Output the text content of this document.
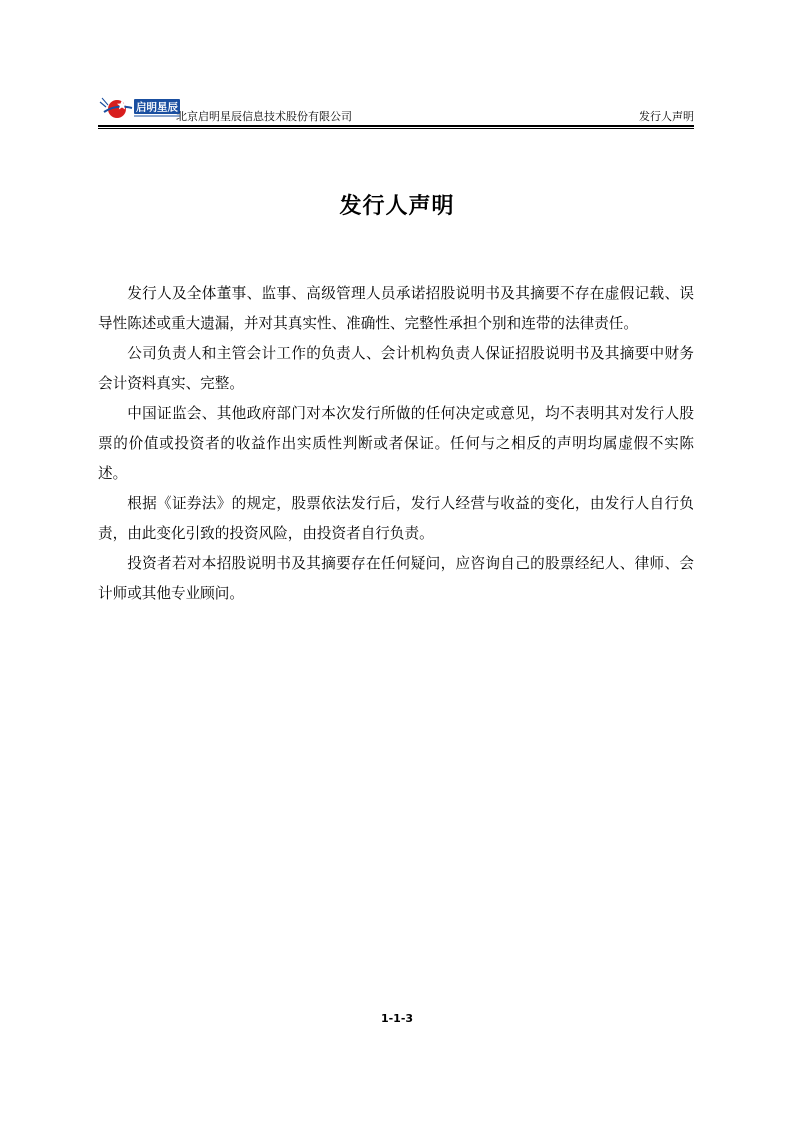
启明星辰
北京启明星辰信息技术股份有限公司	发行人声明
发行人声明

发行人及全体董事、监事、高级管理人员承诺招股说明书及其摘要不存在虚假记载、误导性陈述或重大遗漏，并对其真实性、准确性、完整性承担个别和连带的法律责任。

公司负责人和主管会计工作的负责人、会计机构负责人保证招股说明书及其摘要中财务会计资料真实、完整。

中国证监会、其他政府部门对本次发行所做的任何决定或意见，均不表明其对发行人股票的价值或投资者的收益作出实质性判断或者保证。任何与之相反的声明均属虚假不实陈述。

根据《证券法》的规定，股票依法发行后，发行人经营与收益的变化，由发行人自行负责，由此变化引致的投资风险，由投资者自行负责。

投资者若对本招股说明书及其摘要存在任何疑问，应咨询自己的股票经纪人、律师、会计师或其他专业顾问。

1-1-3
